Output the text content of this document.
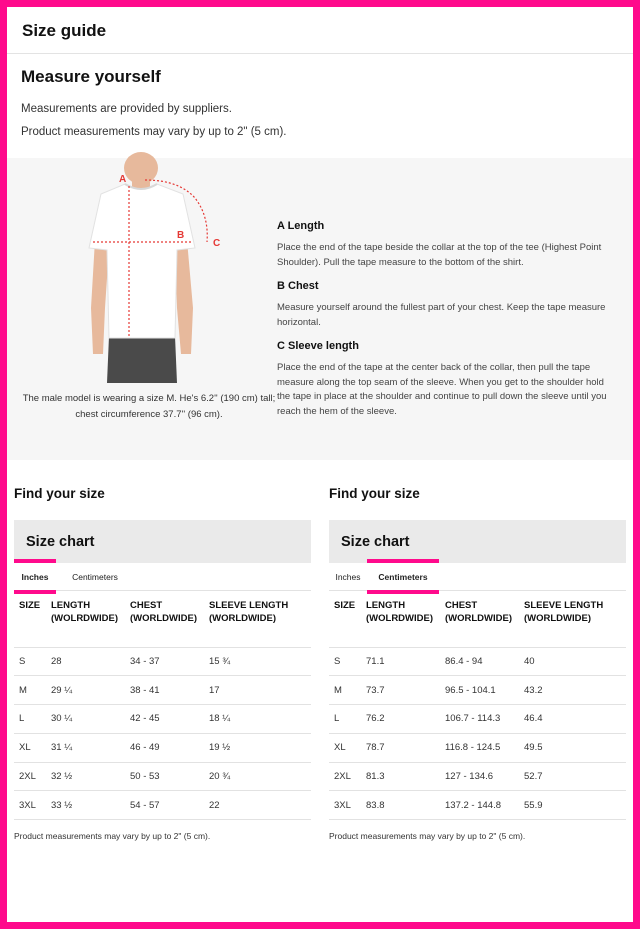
Size guide
Measure yourself

Measurements are provided by suppliers.

Product measurements may vary by up to 2" (5 cm).

A
B
C
The male model is wearing a size M. He's 6.2'' (190 cm) tall; chest circumference 37.7'' (96 cm).
A Length
Place the end of the tape beside the collar at the top of the tee (Highest Point Shoulder). Pull the tape measure to the bottom of the shirt.
B Chest
Measure yourself around the fullest part of your chest. Keep the tape measure horizontal.
C Sleeve length
Place the end of the tape at the center back of the collar, then pull the tape measure along the top seam of the sleeve. When you get to the shoulder hold the tape in place at the shoulder and continue to pull down the sleeve until you reach the hem of the sleeve.
Find your size
Size chart
Inches	Centimeters
SIZE	LENGTH (WOLRDWIDE)	CHEST (WORLDWIDE)	SLEEVE LENGTH (WORLDWIDE)
S	28	34 - 37	15 ¾
M	29 ¼	38 - 41	17
L	30 ¼	42 - 45	18 ¼
XL	31 ¼	46 - 49	19 ½
2XL	32 ½	50 - 53	20 ¾
3XL	33 ½	54 - 57	22
Product measurements may vary by up to 2" (5 cm).
Find your size
Size chart
Inches	Centimeters
SIZE	LENGTH (WOLRDWIDE)	CHEST (WORLDWIDE)	SLEEVE LENGTH (WORLDWIDE)
S	71.1	86.4 - 94	40
M	73.7	96.5 - 104.1	43.2
L	76.2	106.7 - 114.3	46.4
XL	78.7	116.8 - 124.5	49.5
2XL	81.3	127 - 134.6	52.7
3XL	83.8	137.2 - 144.8	55.9
Product measurements may vary by up to 2" (5 cm).
